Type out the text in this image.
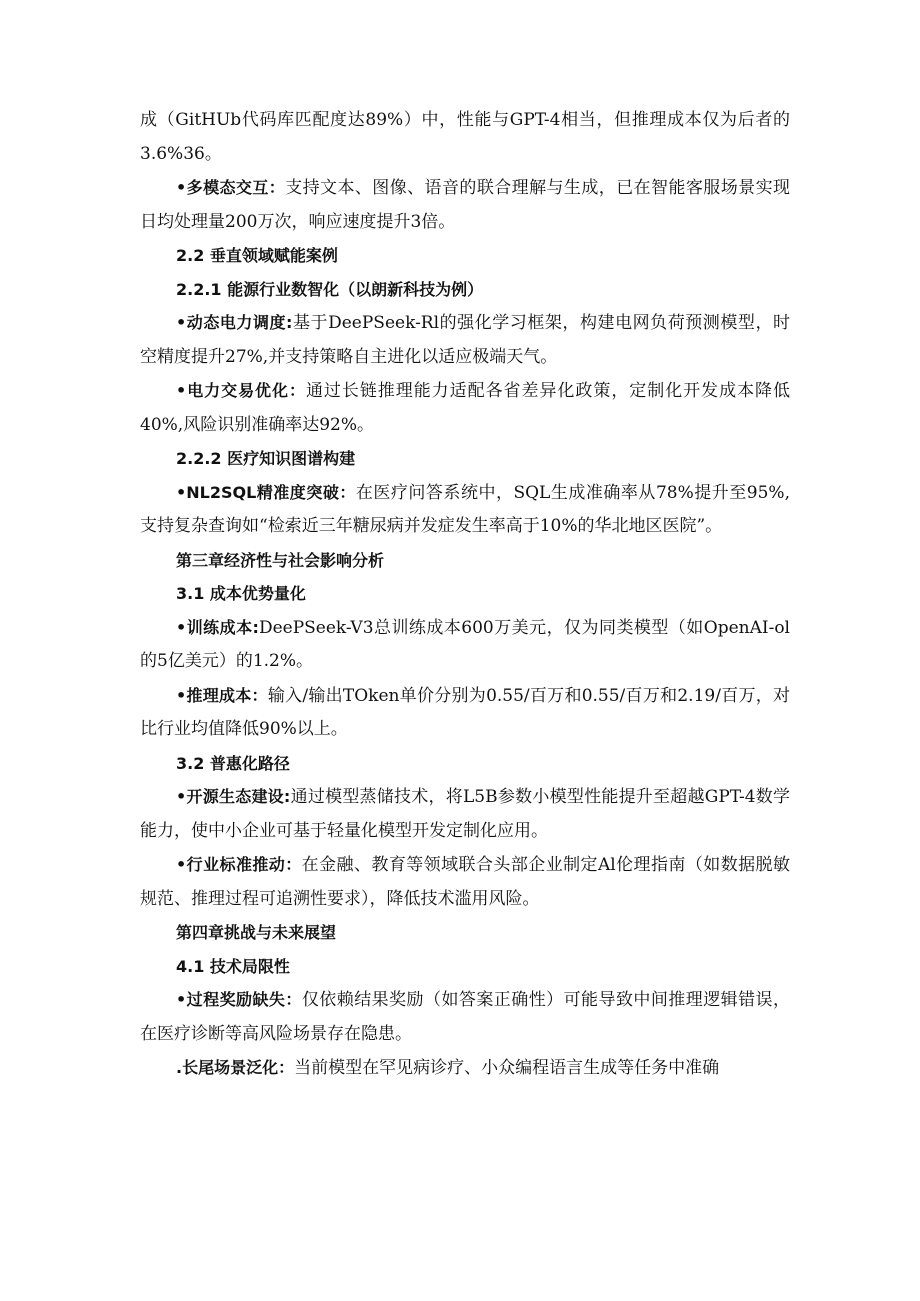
成（GitHUb代码库匹配度达89%）中，性能与GPT-4相当，但推理成本仅为后者的3.6%36。

•多模态交互：支持文本、图像、语音的联合理解与生成，已在智能客服场景实现日均处理量200万次，响应速度提升3倍。

2.2 垂直领域赋能案例

2.2.1 能源行业数智化（以朗新科技为例）

•动态电力调度:基于DeePSeek-Rl的强化学习框架，构建电网负荷预测模型，时空精度提升27%,并支持策略自主进化以适应极端天气。

•电力交易优化：通过长链推理能力适配各省差异化政策，定制化开发成本降低40%,风险识别准确率达92%。

2.2.2 医疗知识图谱构建

•NL2SQL精准度突破：在医疗问答系统中，SQL生成准确率从78%提升至95%,支持复杂查询如“检索近三年糖尿病并发症发生率高于10%的华北地区医院”。

第三章经济性与社会影响分析

3.1 成本优势量化

•训练成本:DeePSeek-V3总训练成本600万美元，仅为同类模型（如OpenAI-ol的5亿美元）的1.2%。

•推理成本：输入/输出TOken单价分别为0.55/百万和0.55/百万和2.19/百万，对比行业均值降低90%以上。

3.2 普惠化路径

•开源生态建设:通过模型蒸储技术，将L5B参数小模型性能提升至超越GPT-4数学能力，使中小企业可基于轻量化模型开发定制化应用。

•行业标准推动：在金融、教育等领域联合头部企业制定Al伦理指南（如数据脱敏规范、推理过程可追溯性要求），降低技术滥用风险。

第四章挑战与未来展望

4.1 技术局限性

•过程奖励缺失：仅依赖结果奖励（如答案正确性）可能导致中间推理逻辑错误，在医疗诊断等高风险场景存在隐患。

.长尾场景泛化：当前模型在罕见病诊疗、小众编程语言生成等任务中准确
